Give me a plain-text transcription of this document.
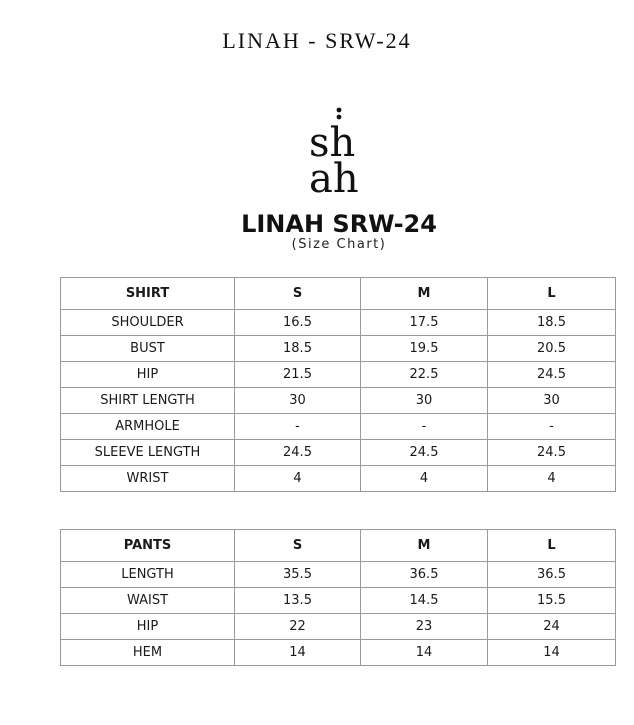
LINAH - SRW-24
sh
ah
LINAH SRW-24
(Size Chart)
SHIRT	S	M	L
SHOULDER	16.5	17.5	18.5
BUST	18.5	19.5	20.5
HIP	21.5	22.5	24.5
SHIRT LENGTH	30	30	30
ARMHOLE	-	-	-
SLEEVE LENGTH	24.5	24.5	24.5
WRIST	4	4	4
PANTS	S	M	L
LENGTH	35.5	36.5	36.5
WAIST	13.5	14.5	15.5
HIP	22	23	24
HEM	14	14	14
